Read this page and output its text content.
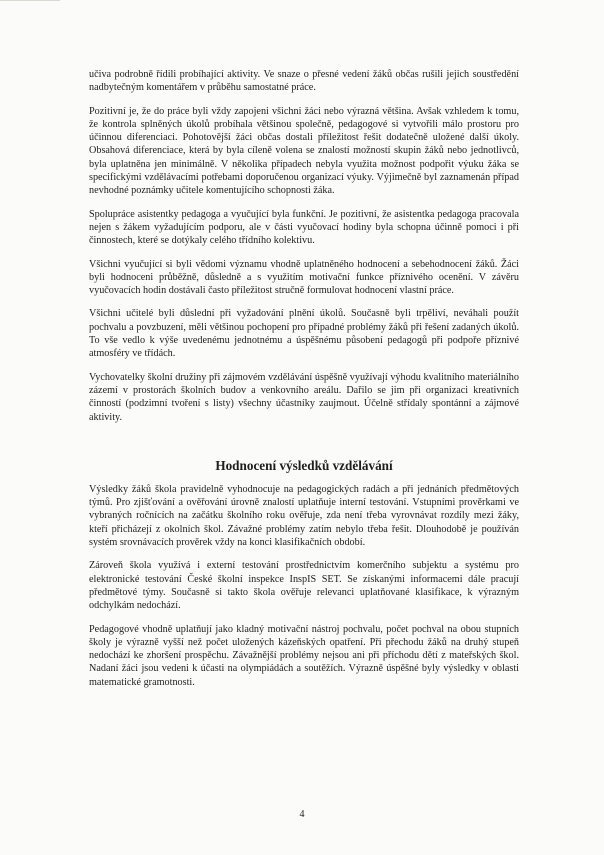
učiva podrobně řídili probíhající aktivity. Ve snaze o přesné vedení žáků občas rušili jejich soustředění nadbytečným komentářem v průběhu samostatné práce.

Pozitivní je, že do práce byli vždy zapojeni všichni žáci nebo výrazná většina. Avšak vzhledem k tomu, že kontrola splněných úkolů probíhala většinou společně, pedagogové si vytvořili málo prostoru pro účinnou diferenciaci. Pohotovější žáci občas dostali příležitost řešit dodatečně uložené další úkoly. Obsahová diferenciace, která by byla cíleně volena se znalostí možností skupin žáků nebo jednotlivců, byla uplatněna jen minimálně. V několika případech nebyla využita možnost podpořit výuku žáka se specifickými vzdělávacími potřebami doporučenou organizací výuky. Výjimečně byl zaznamenán případ nevhodné poznámky učitele komentujícího schopnosti žáka.

Spolupráce asistentky pedagoga a vyučující byla funkční. Je pozitivní, že asistentka pedagoga pracovala nejen s žákem vyžadujícím podporu, ale v části vyučovací hodiny byla schopna účinně pomoci i při činnostech, které se dotýkaly celého třídního kolektivu.

Všichni vyučující si byli vědomi významu vhodně uplatněného hodnocení a sebehodnocení žáků. Žáci byli hodnoceni průběžně, důsledně a s využitím motivační funkce příznivého ocenění. V závěru vyučovacích hodin dostávali často příležitost stručně formulovat hodnocení vlastní práce.

Všichni učitelé byli důslední při vyžadování plnění úkolů. Současně byli trpěliví, neváhali použít pochvalu a povzbuzení, měli většinou pochopení pro případné problémy žáků při řešení zadaných úkolů. To vše vedlo k výše uvedenému jednotnému a úspěšnému působení pedagogů při podpoře příznivé atmosféry ve třídách.

Vychovatelky školní družiny při zájmovém vzdělávání úspěšně využívají výhodu kvalitního materiálního zázemí v prostorách školních budov a venkovního areálu. Dařilo se jim při organizaci kreativních činností (podzimní tvoření s listy) všechny účastníky zaujmout. Účelně střídaly spontánní a zájmové aktivity.

Hodnocení výsledků vzdělávání

Výsledky žáků škola pravidelně vyhodnocuje na pedagogických radách a při jednáních předmětových týmů. Pro zjišťování a ověřování úrovně znalostí uplatňuje interní testování. Vstupními prověrkami ve vybraných ročnících na začátku školního roku ověřuje, zda není třeba vyrovnávat rozdíly mezi žáky, kteří přicházejí z okolních škol. Závažné problémy zatím nebylo třeba řešit. Dlouhodobě je používán systém srovnávacích prověrek vždy na konci klasifikačních období.

Zároveň škola využívá i externí testování prostřednictvím komerčního subjektu a systému pro elektronické testování České školní inspekce InspIS SET. Se získanými informacemi dále pracují předmětové týmy. Současně si takto škola ověřuje relevanci uplatňované klasifikace, k výrazným odchylkám nedochází.

Pedagogové vhodně uplatňují jako kladný motivační nástroj pochvalu, počet pochval na obou stupních školy je výrazně vyšší než počet uložených kázeňských opatření. Při přechodu žáků na druhý stupeň nedochází ke zhoršení prospěchu. Závažnější problémy nejsou ani při příchodu dětí z mateřských škol. Nadaní žáci jsou vedeni k účasti na olympiádách a soutěžích. Výrazně úspěšné byly výsledky v oblasti matematické gramotnosti.

4
